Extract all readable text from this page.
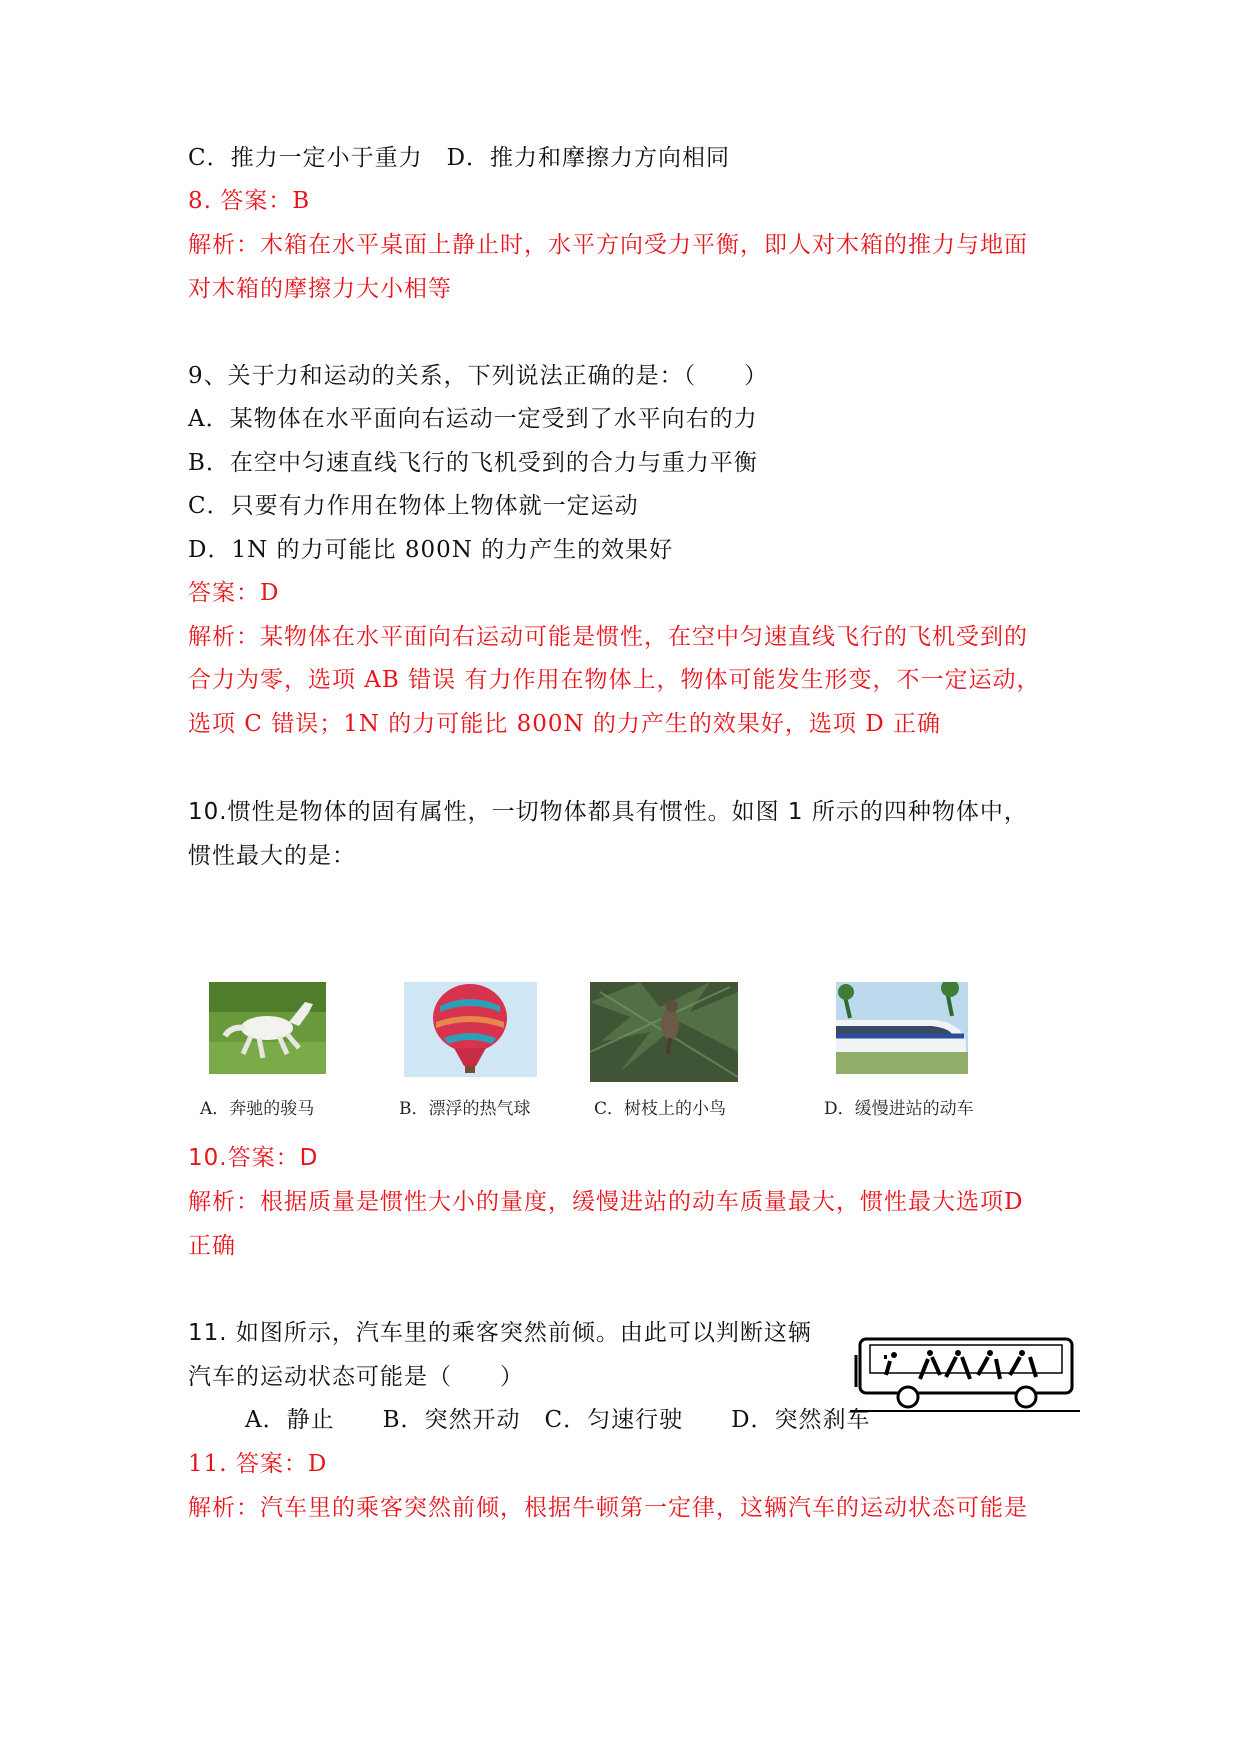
C．推力一定小于重力　D．推力和摩擦力方向相同
8. 答案：B
解析：木箱在水平桌面上静止时，水平方向受力平衡，即人对木箱的推力与地面
对木箱的摩擦力大小相等
9、关于力和运动的关系，下列说法正确的是：（　　）
A．某物体在水平面向右运动一定受到了水平向右的力
B．在空中匀速直线飞行的飞机受到的合力与重力平衡
C．只要有力作用在物体上物体就一定运动
D．1N 的力可能比 800N 的力产生的效果好
答案：D
解析：某物体在水平面向右运动可能是惯性，在空中匀速直线飞行的飞机受到的
合力为零，选项 AB 错误 有力作用在物体上，物体可能发生形变，不一定运动，
选项 C 错误；1N 的力可能比 800N 的力产生的效果好，选项 D 正确
10.惯性是物体的固有属性，一切物体都具有惯性。如图 1 所示的四种物体中，
惯性最大的是：
A．奔驰的骏马	B．漂浮的热气球	C．树枝上的小鸟	D．缓慢进站的动车
10.答案：D
解析：根据质量是惯性大小的量度，缓慢进站的动车质量最大，惯性最大选项D
正确
11. 如图所示，汽车里的乘客突然前倾。由此可以判断这辆
汽车的运动状态可能是（　　）
A．静止　　B．突然开动　C．匀速行驶　　D．突然刹车
11. 答案：D
解析：汽车里的乘客突然前倾，根据牛顿第一定律，这辆汽车的运动状态可能是
